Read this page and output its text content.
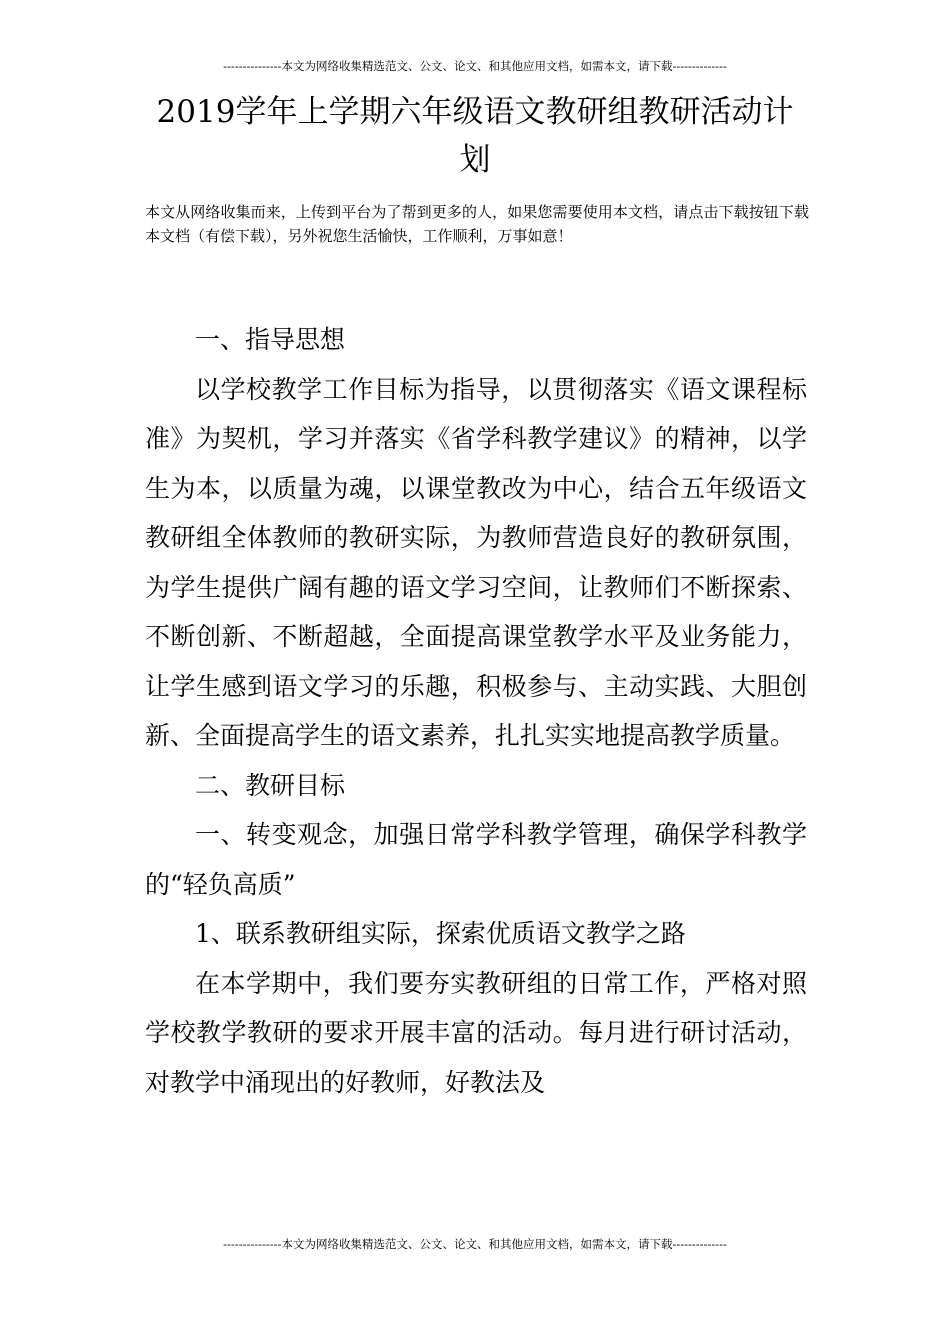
---------------本文为网络收集精选范文、公文、论文、和其他应用文档，如需本文，请下载--------------
2019学年上学期六年级语文教研组教研活动计划

本文从网络收集而来，上传到平台为了帮到更多的人，如果您需要使用本文档，请点击下载按钮下载本文档（有偿下载），另外祝您生活愉快，工作顺利，万事如意！

一、指导思想

以学校教学工作目标为指导，以贯彻落实《语文课程标准》为契机，学习并落实《省学科教学建议》的精神，以学生为本，以质量为魂，以课堂教改为中心，结合五年级语文教研组全体教师的教研实际，为教师营造良好的教研氛围，为学生提供广阔有趣的语文学习空间，让教师们不断探索、不断创新、不断超越，全面提高课堂教学水平及业务能力，让学生感到语文学习的乐趣，积极参与、主动实践、大胆创新、全面提高学生的语文素养，扎扎实实地提高教学质量。

二、教研目标

一、转变观念，加强日常学科教学管理，确保学科教学的“轻负高质”

1、联系教研组实际，探索优质语文教学之路

在本学期中，我们要夯实教研组的日常工作，严格对照学校教学教研的要求开展丰富的活动。每月进行研讨活动，对教学中涌现出的好教师，好教法及

---------------本文为网络收集精选范文、公文、论文、和其他应用文档，如需本文，请下载--------------
